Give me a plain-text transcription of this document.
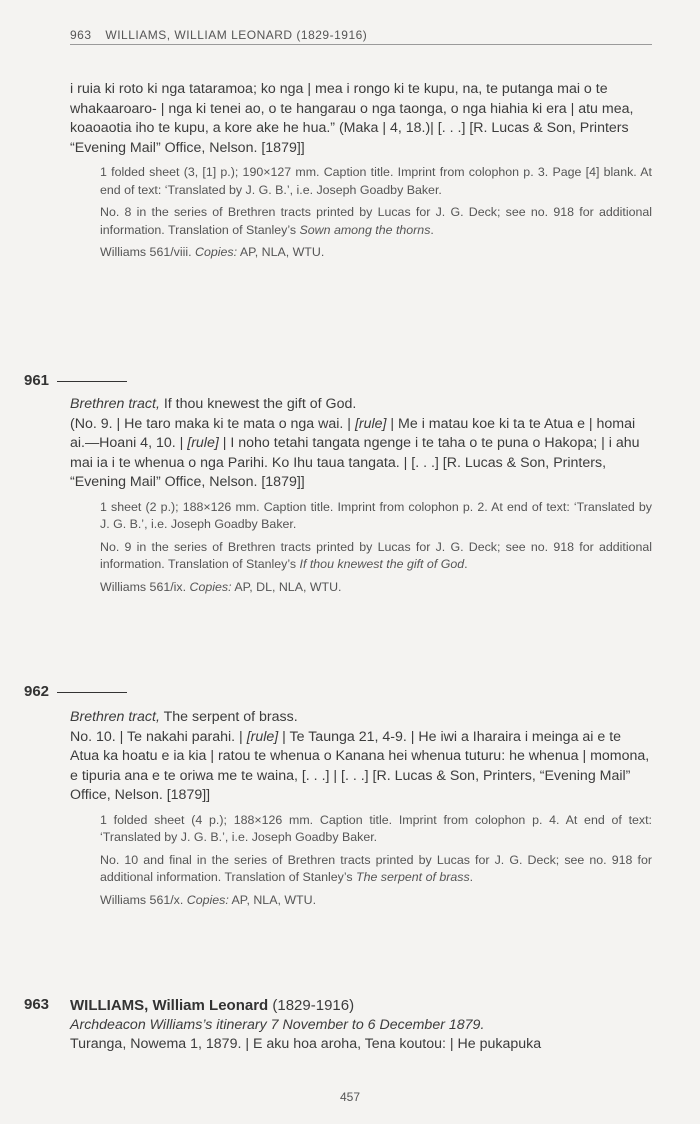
963 WILLIAMS, WILLIAM LEONARD (1829-1916)
i ruia ki roto ki nga tataramoa; ko nga | mea i rongo ki te kupu, na, te putanga mai o te whakaaroaro- | nga ki tenei ao, o te hangarau o nga taonga, o nga hiahia ki era | atu mea, koaoaotia iho te kupu, a kore ake he hua.” (Maka | 4, 18.)| [. . .] [R. Lucas & Son, Printers “Evening Mail” Office, Nelson. [1879]]

1 folded sheet (3, [1] p.); 190×127 mm. Caption title. Imprint from colophon p. 3. Page [4] blank. At end of text: ‘Translated by J. G. B.’, i.e. Joseph Goadby Baker.

No. 8 in the series of Brethren tracts printed by Lucas for J. G. Deck; see no. 918 for additional information. Translation of Stanley’s Sown among the thorns.

Williams 561/viii. Copies: AP, NLA, WTU.

961
Brethren tract, If thou knewest the gift of God.
(No. 9. | He taro maka ki te mata o nga wai. | [rule] | Me i matau koe ki ta te Atua e | homai ai.—Hoani 4, 10. | [rule] | I noho tetahi tangata ngenge i te taha o te puna o Hakopa; | i ahu mai ia i te whenua o nga Parihi. Ko Ihu taua tangata. | [. . .] [R. Lucas & Son, Printers, “Evening Mail” Office, Nelson. [1879]]

1 sheet (2 p.); 188×126 mm. Caption title. Imprint from colophon p. 2. At end of text: ‘Translated by J. G. B.’, i.e. Joseph Goadby Baker.

No. 9 in the series of Brethren tracts printed by Lucas for J. G. Deck; see no. 918 for additional information. Translation of Stanley’s If thou knewest the gift of God.

Williams 561/ix. Copies: AP, DL, NLA, WTU.

962
Brethren tract, The serpent of brass.
No. 10. | Te nakahi parahi. | [rule] | Te Taunga 21, 4-9. | He iwi a Iharaira i meinga ai e te Atua ka hoatu e ia kia | ratou te whenua o Kanana hei whenua tuturu: he whenua | momona, e tipuria ana e te oriwa me te waina, [. . .] | [. . .] [R. Lucas & Son, Printers, “Evening Mail” Office, Nelson. [1879]]

1 folded sheet (4 p.); 188×126 mm. Caption title. Imprint from colophon p. 4. At end of text: ‘Translated by J. G. B.’, i.e. Joseph Goadby Baker.

No. 10 and final in the series of Brethren tracts printed by Lucas for J. G. Deck; see no. 918 for additional information. Translation of Stanley’s The serpent of brass.

Williams 561/x. Copies: AP, NLA, WTU.

963 WILLIAMS, William Leonard (1829-1916)
Archdeacon Williams’s itinerary 7 November to 6 December 1879.
Turanga, Nowema 1, 1879. | E aku hoa aroha, Tena koutou: | He pukapuka
457
